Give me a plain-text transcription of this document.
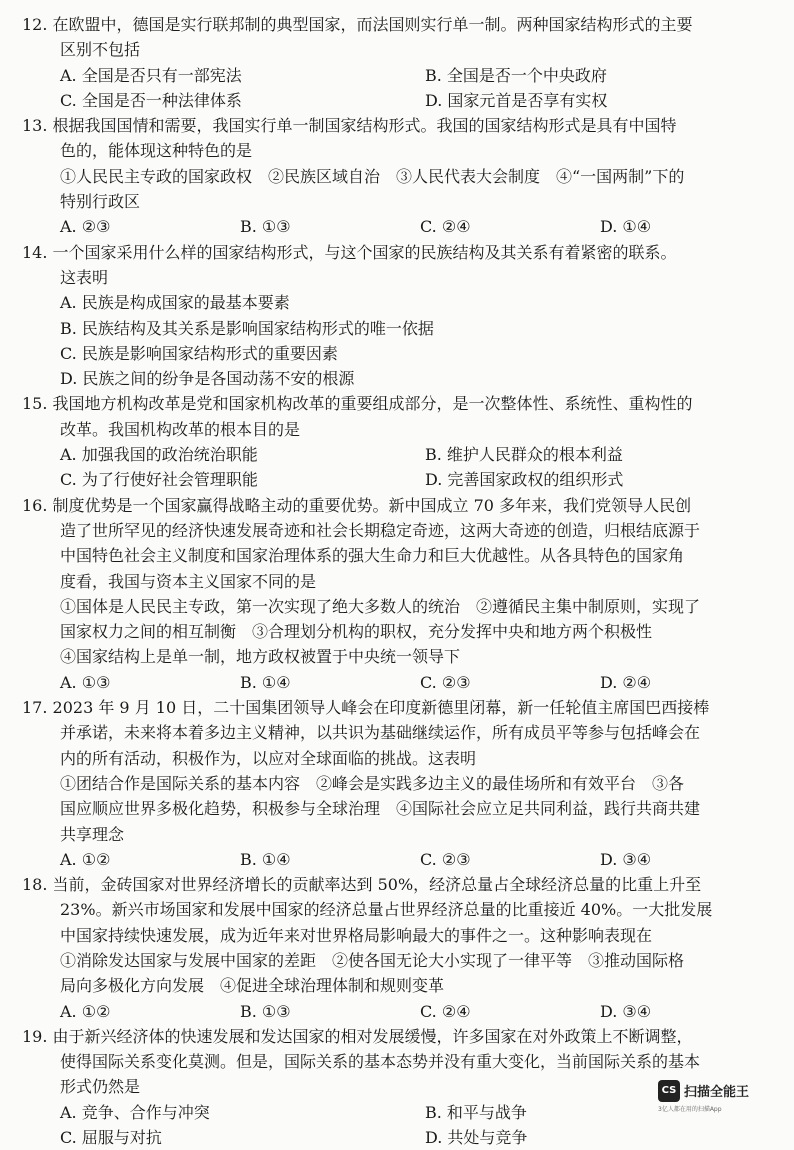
12. 在欧盟中，德国是实行联邦制的典型国家，而法国则实行单一制。两种国家结构形式的主要
区别不包括
A. 全国是否只有一部宪法	B. 全国是否一个中央政府
C. 全国是否一种法律体系	D. 国家元首是否享有实权
13. 根据我国国情和需要，我国实行单一制国家结构形式。我国的国家结构形式是具有中国特
色的，能体现这种特色的是
①人民民主专政的国家政权　②民族区域自治　③人民代表大会制度　④“一国两制”下的
特别行政区
A. ②③	B. ①③	C. ②④	D. ①④
14. 一个国家采用什么样的国家结构形式，与这个国家的民族结构及其关系有着紧密的联系。
这表明
A. 民族是构成国家的最基本要素
B. 民族结构及其关系是影响国家结构形式的唯一依据
C. 民族是影响国家结构形式的重要因素
D. 民族之间的纷争是各国动荡不安的根源
15. 我国地方机构改革是党和国家机构改革的重要组成部分，是一次整体性、系统性、重构性的
改革。我国机构改革的根本目的是
A. 加强我国的政治统治职能	B. 维护人民群众的根本利益
C. 为了行使好社会管理职能	D. 完善国家政权的组织形式
16. 制度优势是一个国家赢得战略主动的重要优势。新中国成立 70 多年来，我们党领导人民创
造了世所罕见的经济快速发展奇迹和社会长期稳定奇迹，这两大奇迹的创造，归根结底源于
中国特色社会主义制度和国家治理体系的强大生命力和巨大优越性。从各具特色的国家角
度看，我国与资本主义国家不同的是
①国体是人民民主专政，第一次实现了绝大多数人的统治　②遵循民主集中制原则，实现了
国家权力之间的相互制衡　③合理划分机构的职权，充分发挥中央和地方两个积极性
④国家结构上是单一制，地方政权被置于中央统一领导下
A. ①③	B. ①④	C. ②③	D. ②④
17. 2023 年 9 月 10 日，二十国集团领导人峰会在印度新德里闭幕，新一任轮值主席国巴西接棒
并承诺，未来将本着多边主义精神，以共识为基础继续运作，所有成员平等参与包括峰会在
内的所有活动，积极作为，以应对全球面临的挑战。这表明
①团结合作是国际关系的基本内容　②峰会是实践多边主义的最佳场所和有效平台　③各
国应顺应世界多极化趋势，积极参与全球治理　④国际社会应立足共同利益，践行共商共建
共享理念
A. ①②	B. ①④	C. ②③	D. ③④
18. 当前，金砖国家对世界经济增长的贡献率达到 50%，经济总量占全球经济总量的比重上升至
23%。新兴市场国家和发展中国家的经济总量占世界经济总量的比重接近 40%。一大批发展
中国家持续快速发展，成为近年来对世界格局影响最大的事件之一。这种影响表现在
①消除发达国家与发展中国家的差距　②使各国无论大小实现了一律平等　③推动国际格
局向多极化方向发展　④促进全球治理体制和规则变革
A. ①②	B. ①③	C. ②④	D. ③④
19. 由于新兴经济体的快速发展和发达国家的相对发展缓慢，许多国家在对外政策上不断调整，
使得国际关系变化莫测。但是，国际关系的基本态势并没有重大变化，当前国际关系的基本
形式仍然是
A. 竞争、合作与冲突	B. 和平与战争
C. 屈服与对抗	D. 共处与竞争
CS 扫描全能王
3亿人都在用的扫描App
